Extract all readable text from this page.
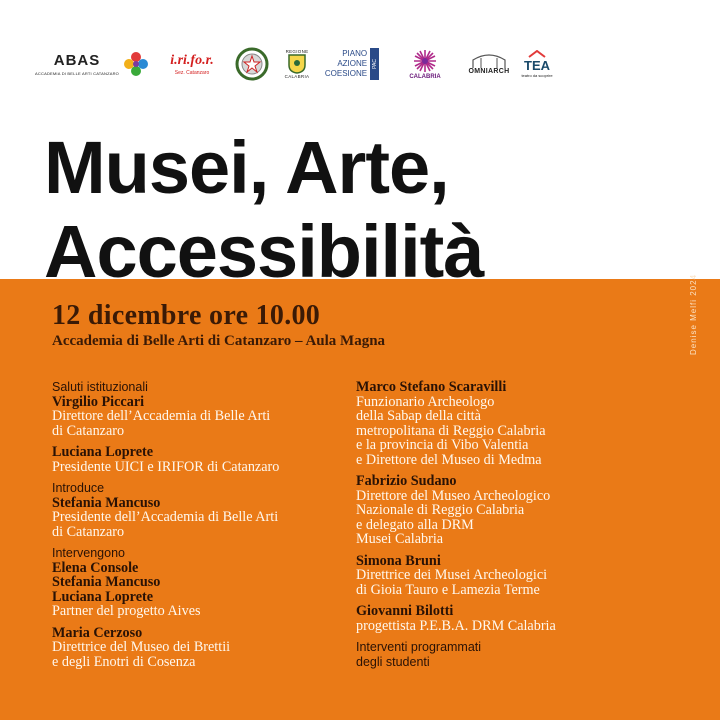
ABAS
ACCADEMIA DI BELLE ARTI CATANZARO
i.ri.fo.r.
Sez. Catanzaro
REGIONE
CALABRIA
PIANO
AZIONE
COESIONE
PAC
CALABRIA
OMNIARCH TEA
teatro da scoprire
Musei, Arte,
Accessibilità
12 dicembre ore 10.00
Accademia di Belle Arti di Catanzaro – Aula Magna	Denise Melfi 2024
Saluti istituzionali
Virgilio Piccari
Direttore dell’Accademia di Belle Arti
di Catanzaro
Luciana Loprete
Presidente UICI e IRIFOR di Catanzaro
Introduce
Stefania Mancuso
Presidente dell’Accademia di Belle Arti
di Catanzaro
Intervengono
Elena Console
Stefania Mancuso
Luciana Loprete
Partner del progetto Aives
Maria Cerzoso
Direttrice del Museo dei Brettii
e degli Enotri di Cosenza
Marco Stefano Scaravilli
Funzionario Archeologo
della Sabap della città
metropolitana di Reggio Calabria
e la provincia di Vibo Valentia
e Direttore del Museo di Medma
Fabrizio Sudano
Direttore del Museo Archeologico
Nazionale di Reggio Calabria
e delegato alla DRM
Musei Calabria
Simona Bruni
Direttrice dei Musei Archeologici
di Gioia Tauro e Lamezia Terme
Giovanni Bilotti
progettista P.E.B.A. DRM Calabria
Interventi programmati
degli studenti
